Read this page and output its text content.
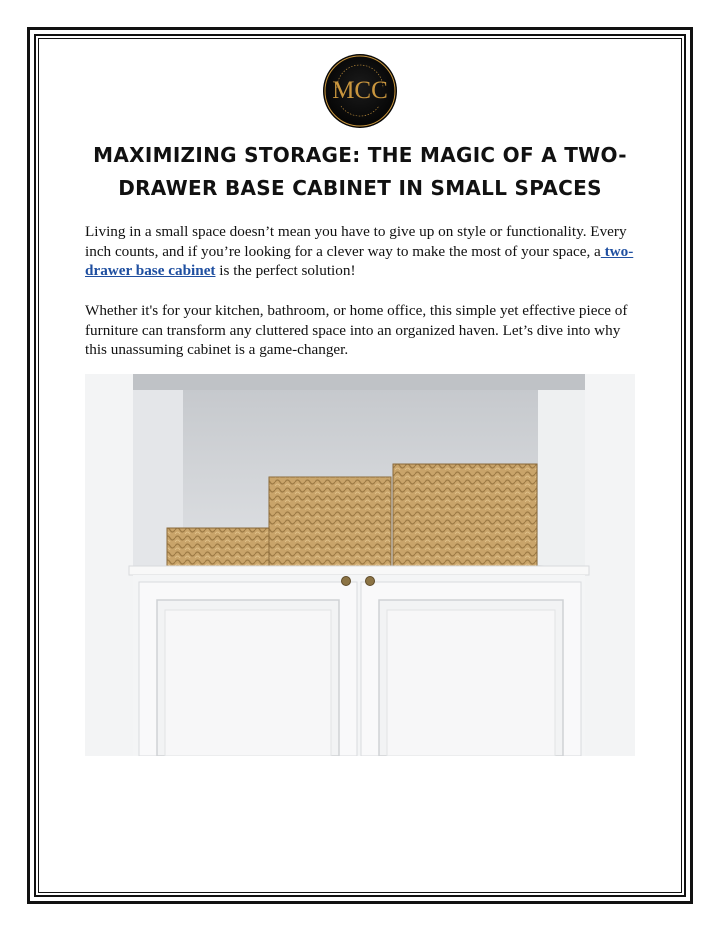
MCC
MAXIMIZING STORAGE: THE MAGIC OF A TWO-DRAWER BASE CABINET IN SMALL SPACES
Living in a small space doesn’t mean you have to give up on style or functionality. Every inch counts, and if you’re looking for a clever way to make the most of your space, a two-drawer base cabinet is the perfect solution!
Whether it's for your kitchen, bathroom, or home office, this simple yet effective piece of furniture can transform any cluttered space into an organized haven. Let’s dive into why this unassuming cabinet is a game-changer.
